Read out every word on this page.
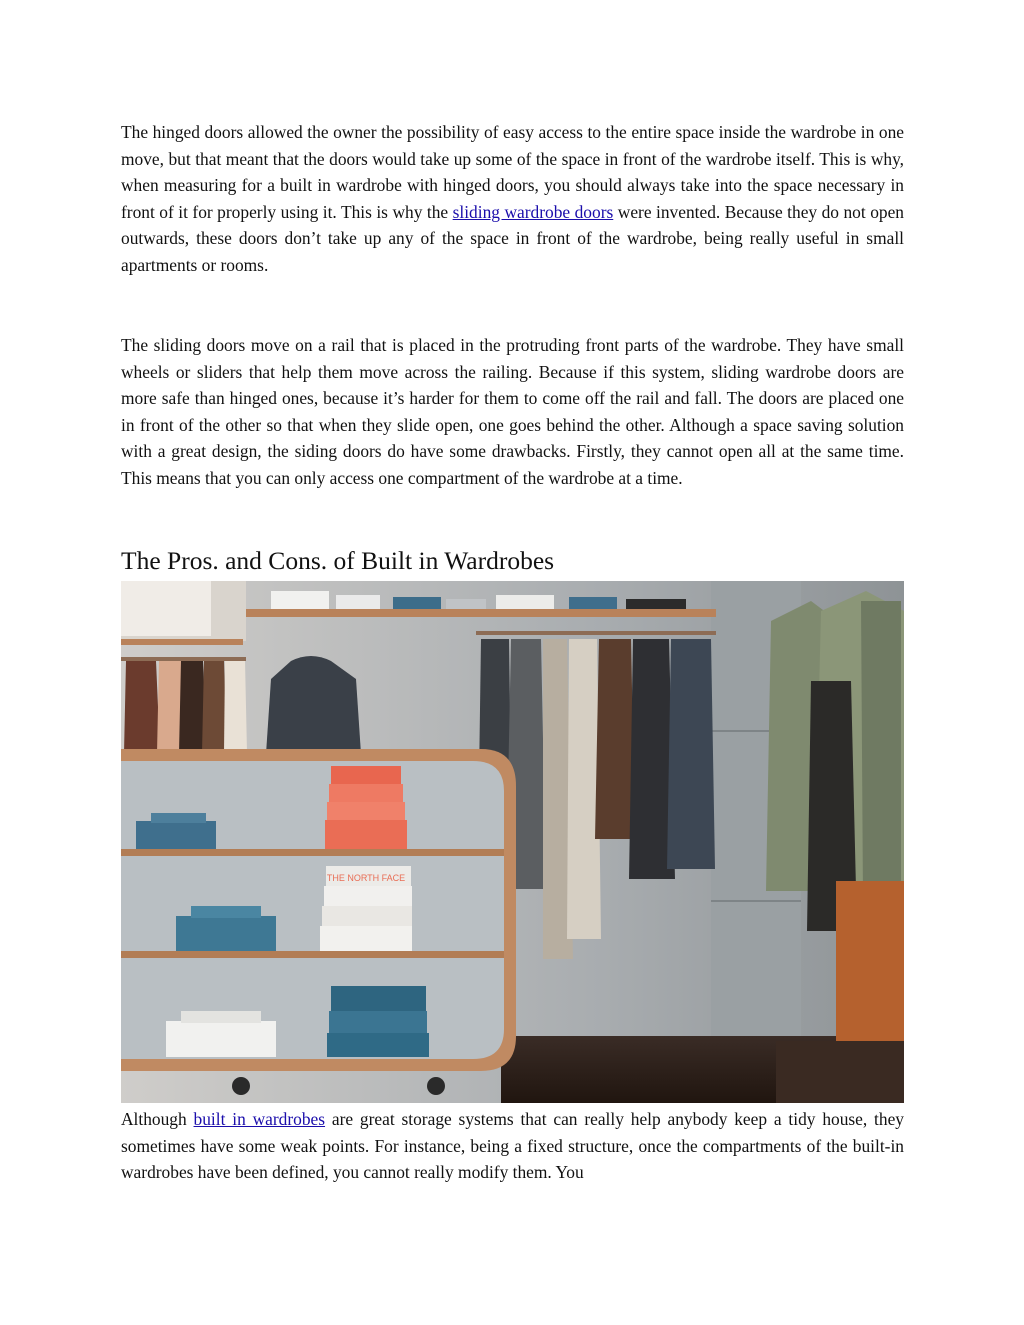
The hinged doors allowed the owner the possibility of easy access to the entire space inside the wardrobe in one move, but that meant that the doors would take up some of the space in front of the wardrobe itself. This is why, when measuring for a built in wardrobe with hinged doors, you should always take into the space necessary in front of it for properly using it. This is why the sliding wardrobe doors were invented. Because they do not open outwards, these doors don’t take up any of the space in front of the wardrobe, being really useful in small apartments or rooms.

The sliding doors move on a rail that is placed in the protruding front parts of the wardrobe. They have small wheels or sliders that help them move across the railing. Because if this system, sliding wardrobe doors are more safe than hinged ones, because it’s harder for them to come off the rail and fall. The doors are placed one in front of the other so that when they slide open, one goes behind the other. Although a space saving solution with a great design, the siding doors do have some drawbacks. Firstly, they cannot open all at the same time. This means that you can only access one compartment of the wardrobe at a time.

The Pros. and Cons. of Built in Wardrobes
THE NORTH FACE

Although built in wardrobes are great storage systems that can really help anybody keep a tidy house, they sometimes have some weak points. For instance, being a fixed structure, once the compartments of the built-in wardrobes have been defined, you cannot really modify them. You
